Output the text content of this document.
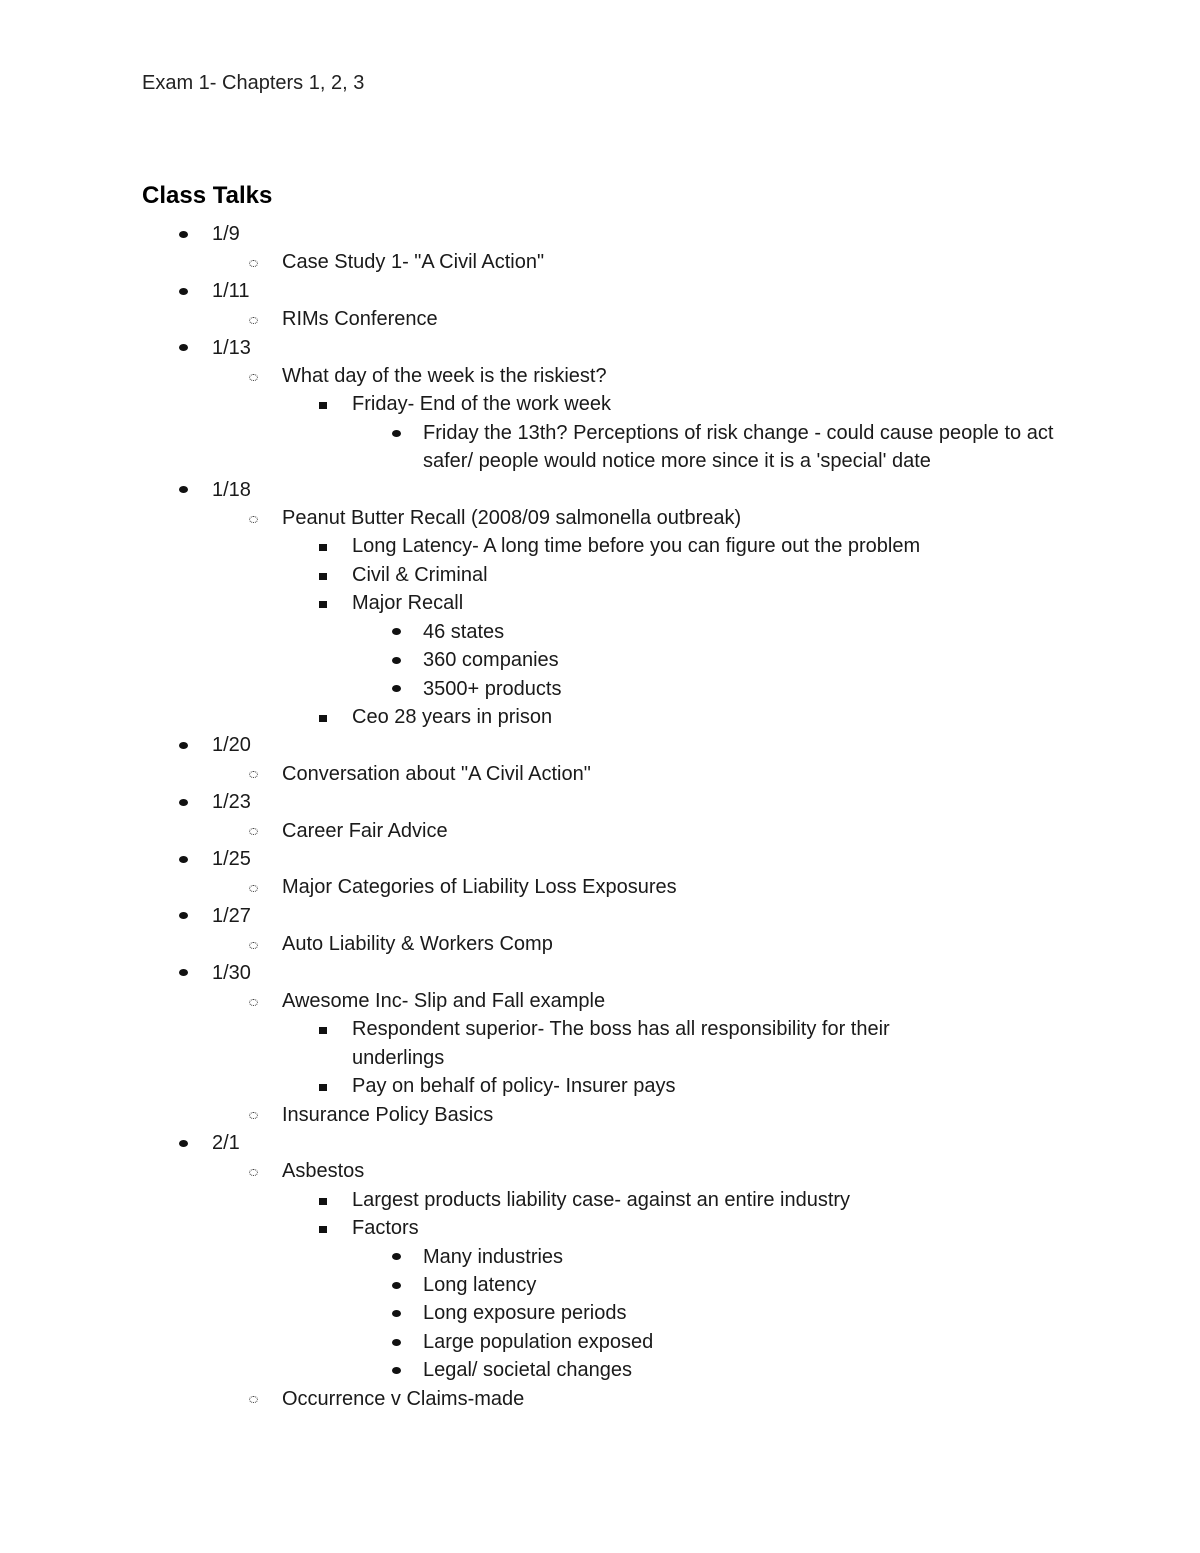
Exam 1- Chapters 1, 2, 3
Class Talks
1/9
Case Study 1- "A Civil Action"
1/11
RIMs Conference
1/13
What day of the week is the riskiest?
Friday- End of the work week
Friday the 13th? Perceptions of risk change - could cause people to act safer/ people would notice more since it is a 'special' date
1/18
Peanut Butter Recall (2008/09 salmonella outbreak)
Long Latency- A long time before you can figure out the problem
Civil & Criminal
Major Recall
46 states
360 companies
3500+ products
Ceo 28 years in prison
1/20
Conversation about "A Civil Action"
1/23
Career Fair Advice
1/25
Major Categories of Liability Loss Exposures
1/27
Auto Liability & Workers Comp
1/30
Awesome Inc- Slip and Fall example
Respondent superior- The boss has all responsibility for their underlings
Pay on behalf of policy- Insurer pays
Insurance Policy Basics
2/1
Asbestos
Largest products liability case- against an entire industry
Factors
Many industries
Long latency
Long exposure periods
Large population exposed
Legal/ societal changes
Occurrence v Claims-made
